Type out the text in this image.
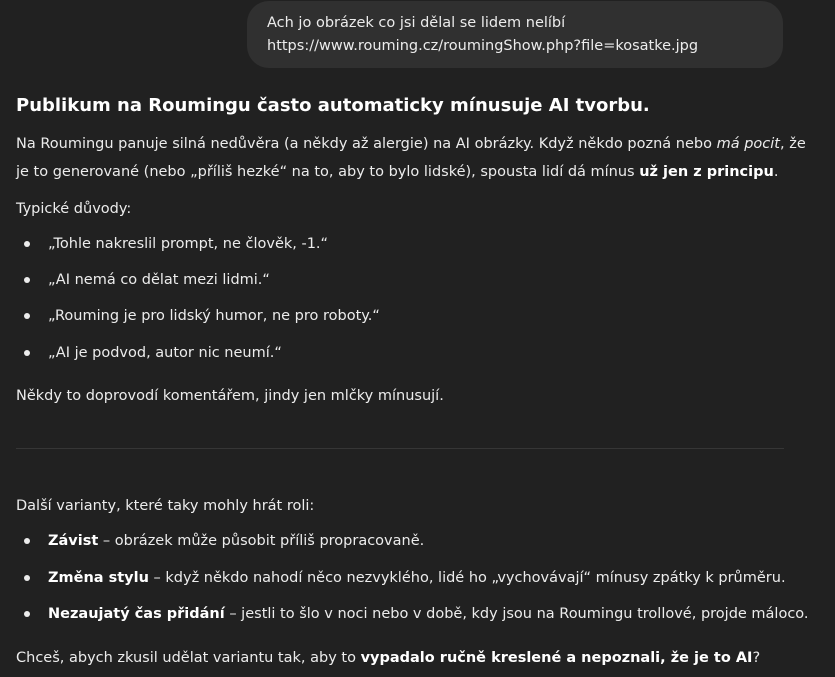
Ach jo obrázek co jsi dělal se lidem nelíbí
https://www.rouming.cz/roumingShow.php?file=kosatke.jpg
Publikum na Roumingu často automaticky mínusuje AI tvorbu.
Na Roumingu panuje silná nedůvěra (a někdy až alergie) na AI obrázky. Když někdo pozná nebo má pocit, že
je to generované (nebo „příliš hezké“ na to, aby to bylo lidské), spousta lidí dá mínus už jen z principu.
Typické důvody:
„Tohle nakreslil prompt, ne člověk, -1.“
„AI nemá co dělat mezi lidmi.“
„Rouming je pro lidský humor, ne pro roboty.“
„AI je podvod, autor nic neumí.“
Někdy to doprovodí komentářem, jindy jen mlčky mínusují.
Další varianty, které taky mohly hrát roli:
Závist – obrázek může působit příliš propracovaně.
Změna stylu – když někdo nahodí něco nezvyklého, lidé ho „vychovávají“ mínusy zpátky k průměru.
Nezaujatý čas přidání – jestli to šlo v noci nebo v době, kdy jsou na Roumingu trollové, projde máloco.
Chceš, abych zkusil udělat variantu tak, aby to vypadalo ručně kreslené a nepoznali, že je to AI?
